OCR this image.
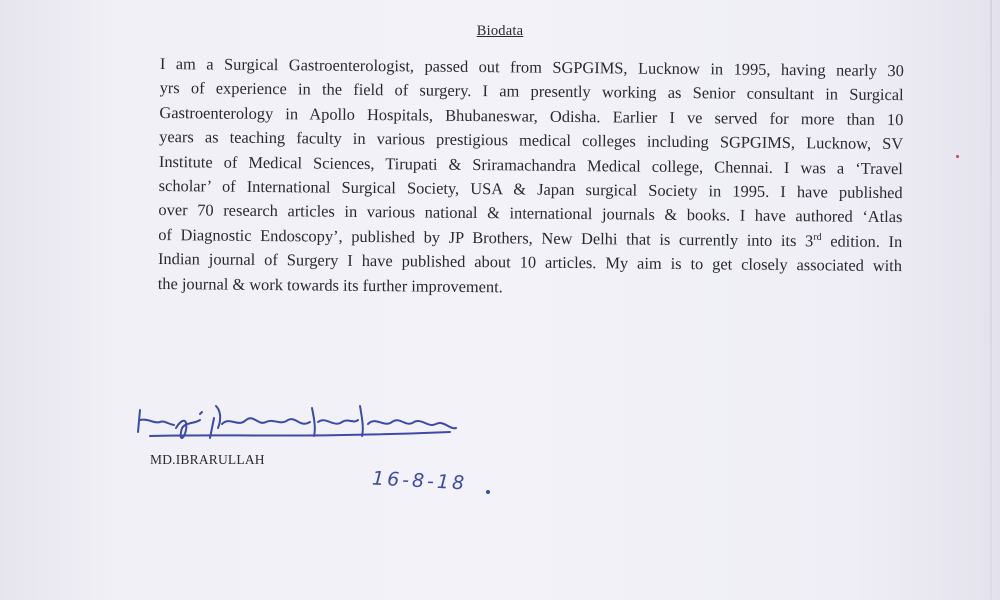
Biodata
I am a Surgical Gastroenterologist, passed out from SGPGIMS, Lucknow in 1995, having nearly 30
yrs of experience in the field of surgery. I am presently working as Senior consultant in Surgical
Gastroenterology in Apollo Hospitals, Bhubaneswar, Odisha. Earlier I ve served for more than 10
years as teaching faculty in various prestigious medical colleges including SGPGIMS, Lucknow, SV
Institute of Medical Sciences, Tirupati & Sriramachandra Medical college, Chennai. I was a ‘Travel
scholar’ of International Surgical Society, USA & Japan surgical Society in 1995. I have published
over 70 research articles in various national & international journals & books. I have authored ‘Atlas
of Diagnostic Endoscopy’, published by JP Brothers, New Delhi that is currently into its 3rd edition. In
Indian journal of Surgery I have published about 10 articles. My aim is to get closely associated with
the journal & work towards its further improvement.
MD.IBRARULLAH
16-8-18
